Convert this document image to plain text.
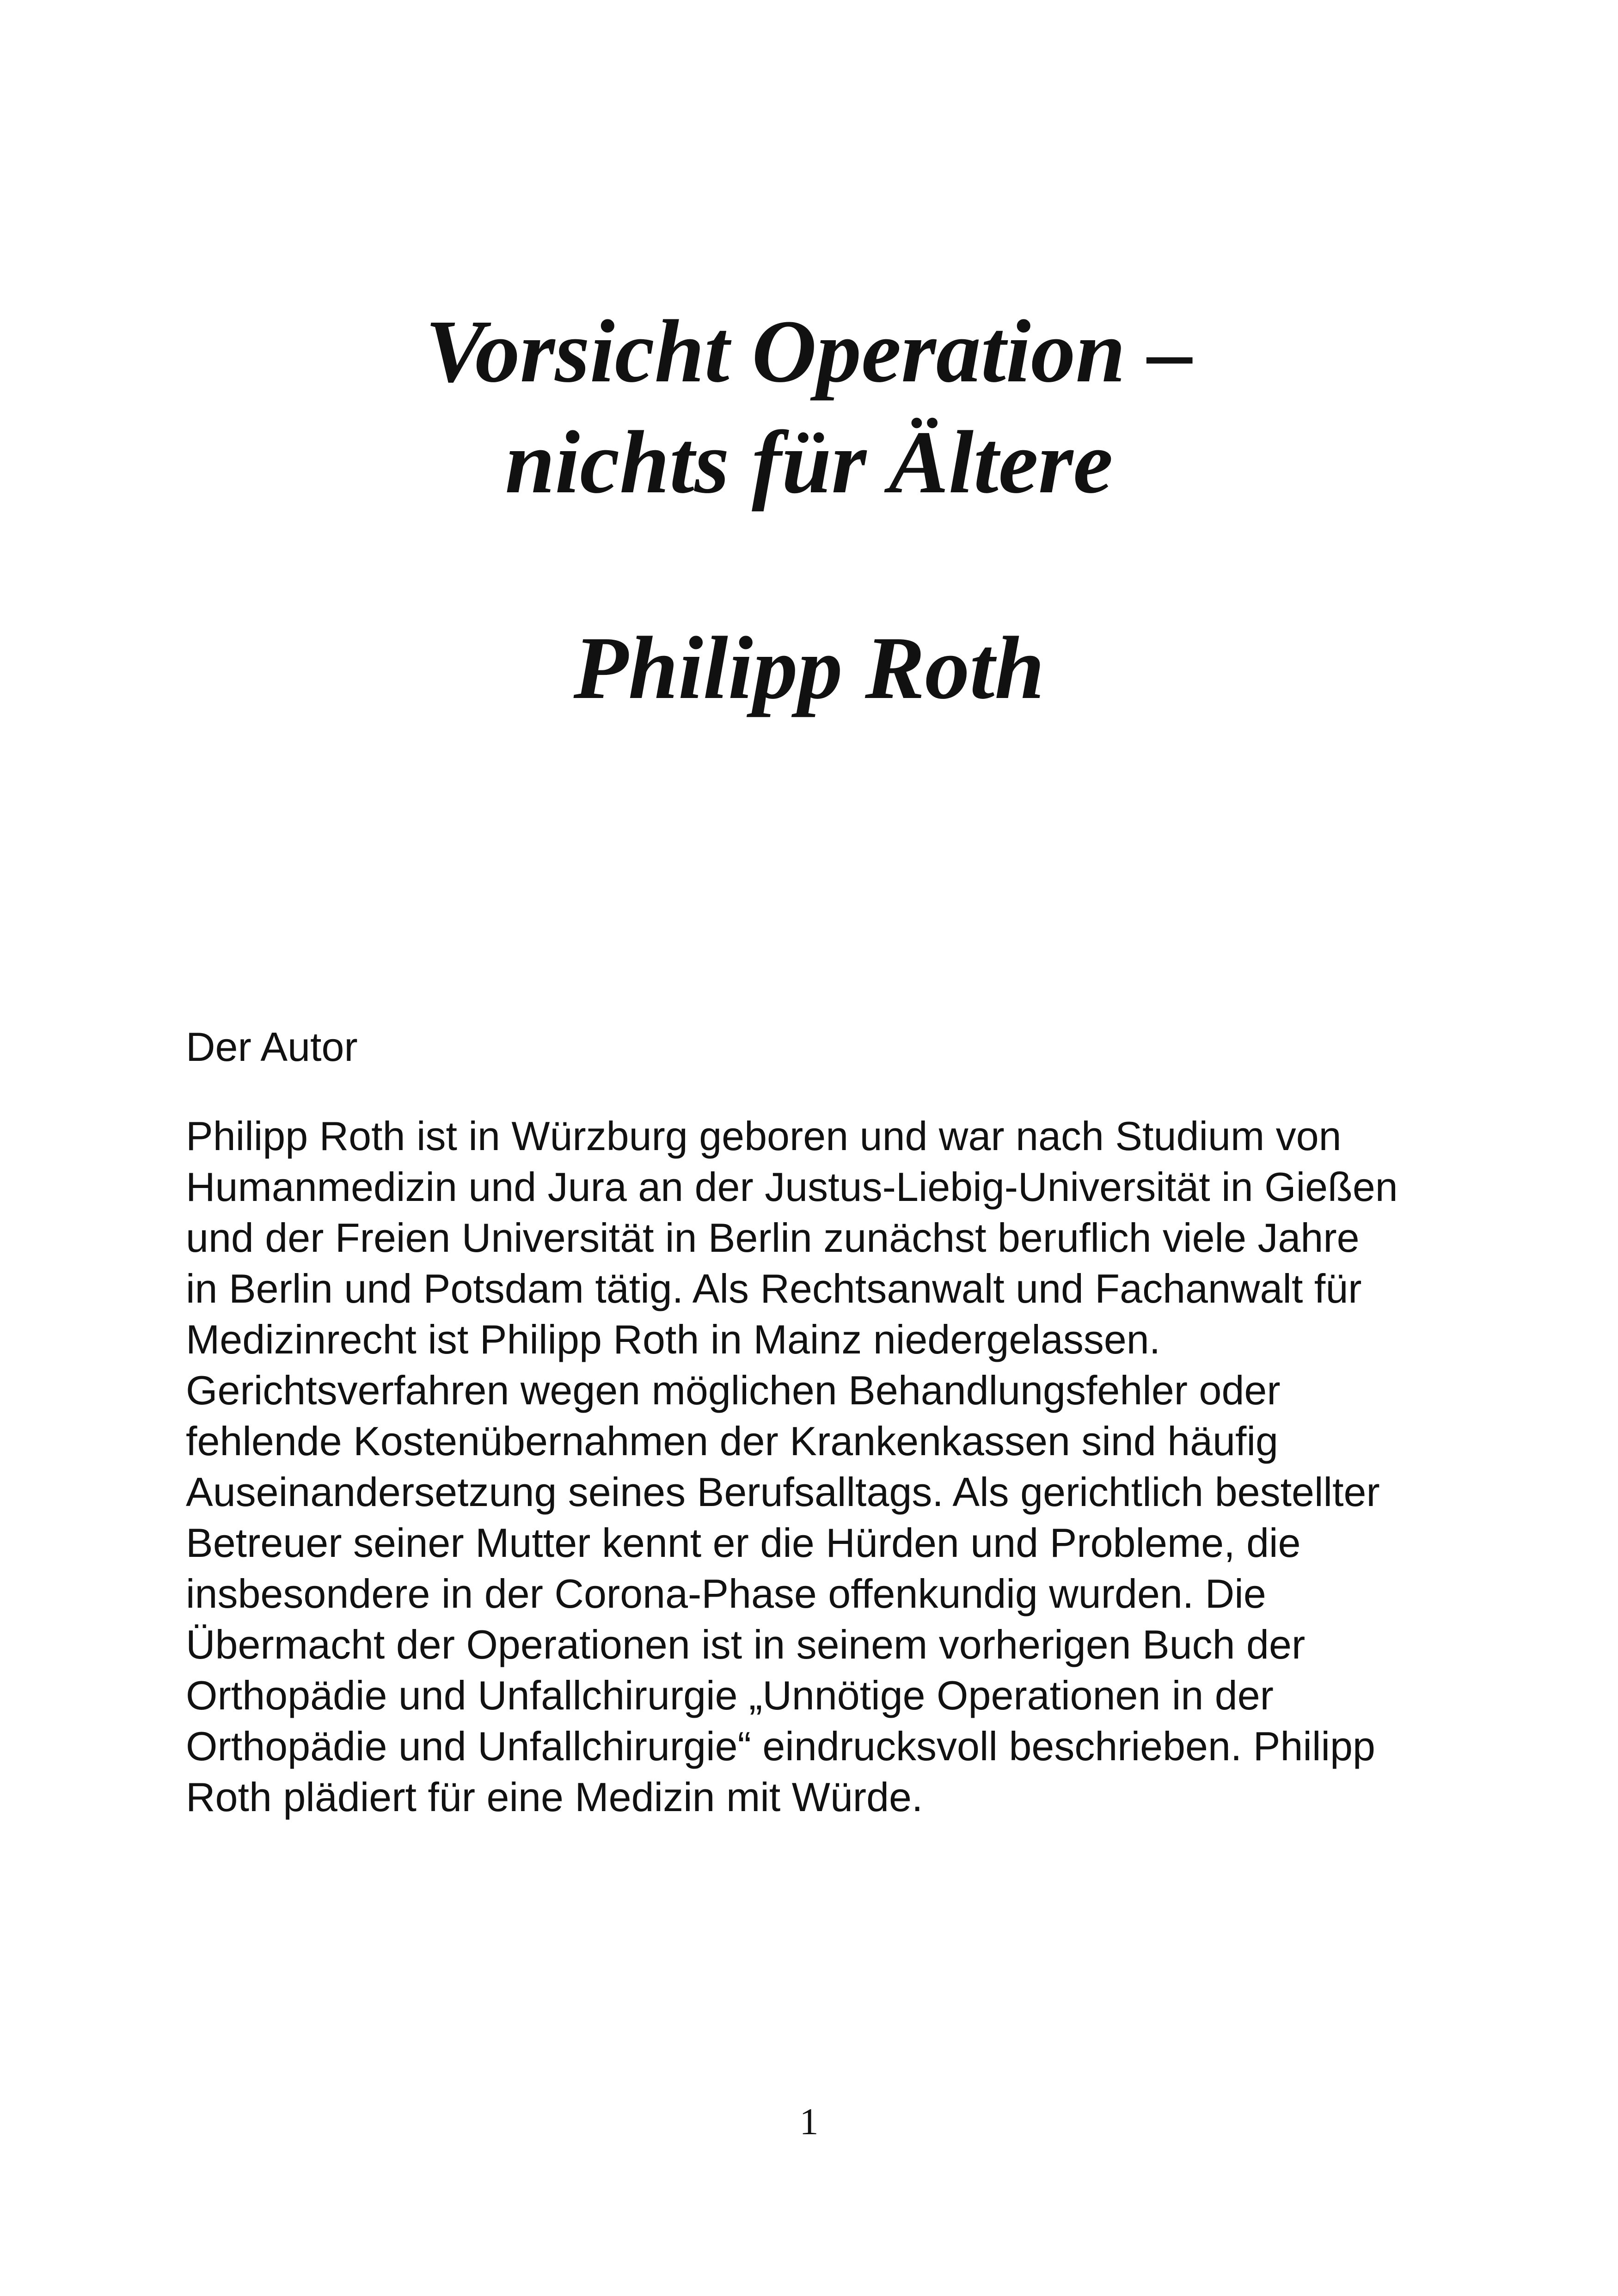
Vorsicht Operation –
nichts für Ältere
Philipp Roth
Der Autor
Philipp Roth ist in Würzburg geboren und war nach Studium von
Humanmedizin und Jura an der Justus-Liebig-Universität in Gießen
und der Freien Universität in Berlin zunächst beruflich viele Jahre
in Berlin und Potsdam tätig. Als Rechtsanwalt und Fachanwalt für
Medizinrecht ist Philipp Roth in Mainz niedergelassen.
Gerichtsverfahren wegen möglichen Behandlungsfehler oder
fehlende Kostenübernahmen der Krankenkassen sind häufig
Auseinandersetzung seines Berufsalltags. Als gerichtlich bestellter
Betreuer seiner Mutter kennt er die Hürden und Probleme, die
insbesondere in der Corona-Phase offenkundig wurden. Die
Übermacht der Operationen ist in seinem vorherigen Buch der
Orthopädie und Unfallchirurgie „Unnötige Operationen in der
Orthopädie und Unfallchirurgie“ eindrucksvoll beschrieben. Philipp
Roth plädiert für eine Medizin mit Würde.
1
